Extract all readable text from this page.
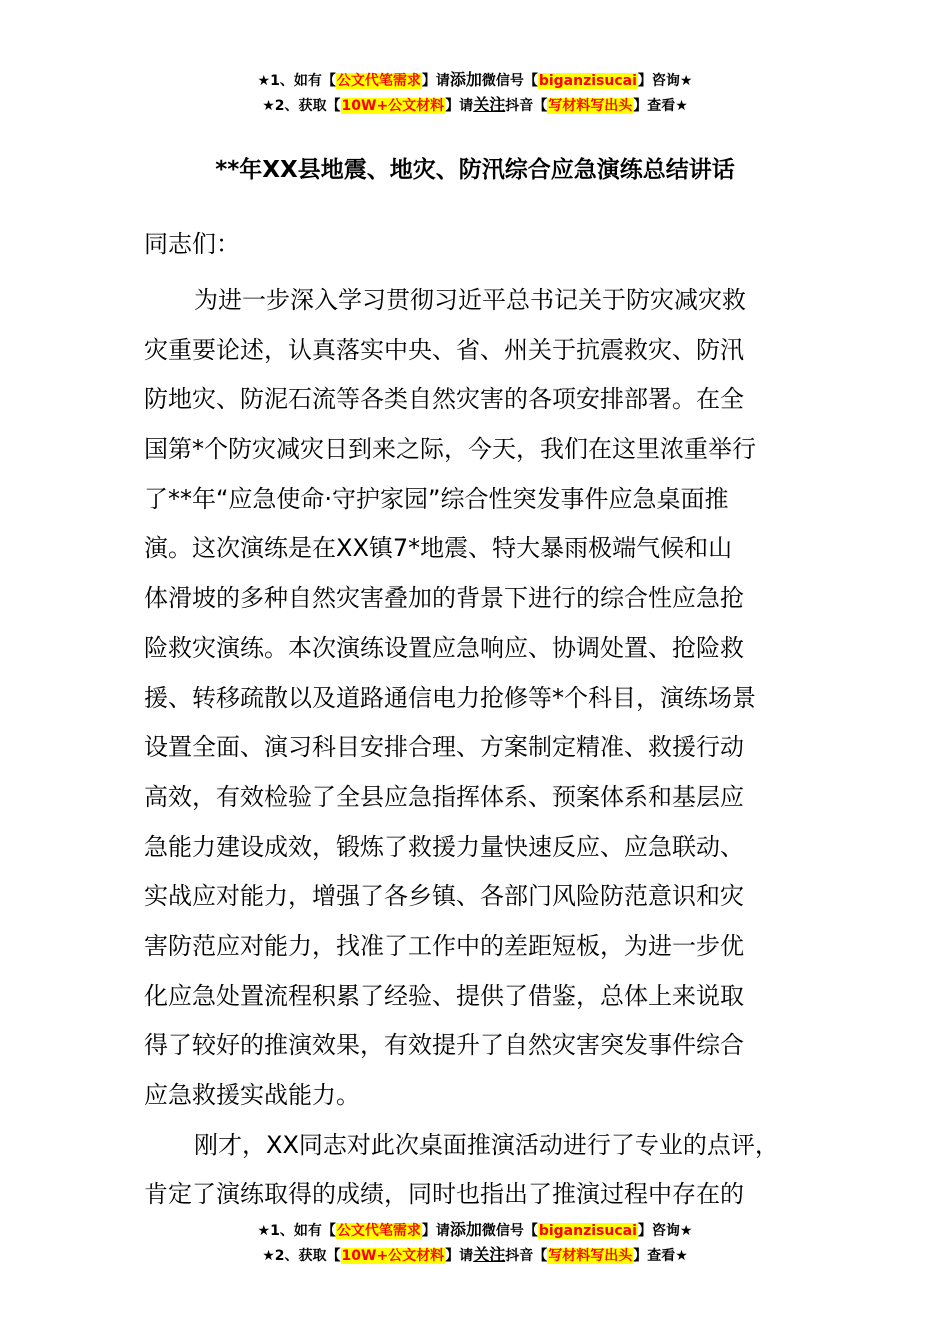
★1、如有【公文代笔需求】请添加微信号【biganzisucai】咨询★
★2、获取【10W+公文材料】请关注抖音【写材料写出头】查看★
**年XX县地震、地灾、防汛综合应急演练总结讲话
同志们：
为进一步深入学习贯彻习近平总书记关于防灾减灾救
灾重要论述，认真落实中央、省、州关于抗震救灾、防汛
防地灾、防泥石流等各类自然灾害的各项安排部署。在全
国第*个防灾减灾日到来之际，今天，我们在这里浓重举行
了**年“应急使命·守护家园”综合性突发事件应急桌面推
演。这次演练是在XX镇7*地震、特大暴雨极端气候和山
体滑坡的多种自然灾害叠加的背景下进行的综合性应急抢
险救灾演练。本次演练设置应急响应、协调处置、抢险救
援、转移疏散以及道路通信电力抢修等*个科目，演练场景
设置全面、演习科目安排合理、方案制定精准、救援行动
高效，有效检验了全县应急指挥体系、预案体系和基层应
急能力建设成效，锻炼了救援力量快速反应、应急联动、
实战应对能力，增强了各乡镇、各部门风险防范意识和灾
害防范应对能力，找准了工作中的差距短板，为进一步优
化应急处置流程积累了经验、提供了借鉴，总体上来说取
得了较好的推演效果，有效提升了自然灾害突发事件综合
应急救援实战能力。
刚才，XX同志对此次桌面推演活动进行了专业的点评，
肯定了演练取得的成绩，同时也指出了推演过程中存在的
★1、如有【公文代笔需求】请添加微信号【biganzisucai】咨询★
★2、获取【10W+公文材料】请关注抖音【写材料写出头】查看★
